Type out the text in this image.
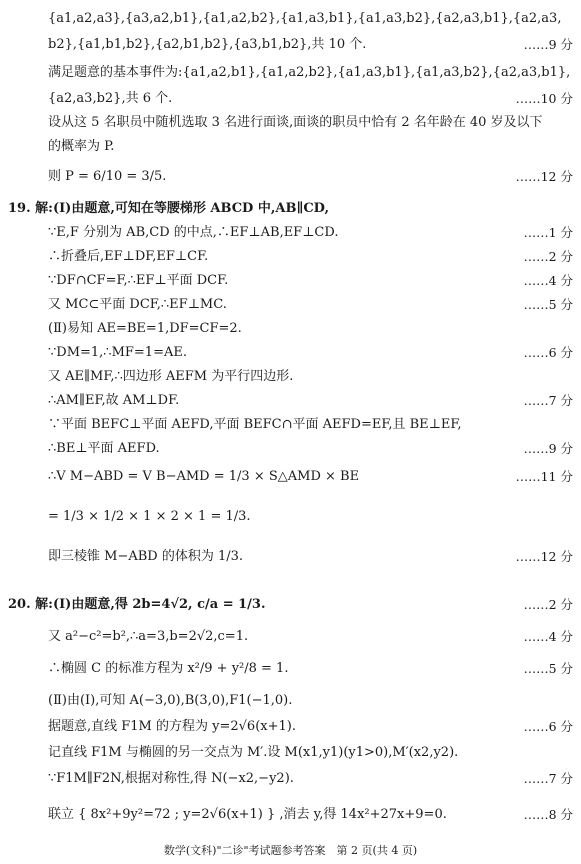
{a1,a2,a3},{a3,a2,b1},{a1,a2,b2},{a1,a3,b1},{a1,a3,b2},{a2,a3,b1},{a2,a3,
b2},{a1,b1,b2},{a2,b1,b2},{a3,b1,b2},共 10 个.	……9 分
满足题意的基本事件为:{a1,a2,b1},{a1,a2,b2},{a1,a3,b1},{a1,a3,b2},{a2,a3,b1},
{a2,a3,b2},共 6 个.	……10 分
设从这 5 名职员中随机选取 3 名进行面谈,面谈的职员中恰有 2 名年龄在 40 岁及以下
的概率为 P.
则 P = 6/10 = 3/5.	……12 分
19. 解:(Ⅰ)由题意,可知在等腰梯形 ABCD 中,AB∥CD,
∵E,F 分别为 AB,CD 的中点,∴EF⊥AB,EF⊥CD.	……1 分
∴折叠后,EF⊥DF,EF⊥CF.	……2 分
∵DF∩CF=F,∴EF⊥平面 DCF.	……4 分
又 MC⊂平面 DCF,∴EF⊥MC.	……5 分
(Ⅱ)易知 AE=BE=1,DF=CF=2.
∵DM=1,∴MF=1=AE.	……6 分
又 AE∥MF,∴四边形 AEFM 为平行四边形.
∴AM∥EF,故 AM⊥DF.	……7 分
∵平面 BEFC⊥平面 AEFD,平面 BEFC∩平面 AEFD=EF,且 BE⊥EF,
∴BE⊥平面 AEFD.	……9 分
∴V M−ABD = V B−AMD = 1/3 × S△AMD × BE	……11 分
= 1/3 × 1/2 × 1 × 2 × 1 = 1/3.
即三棱锥 M−ABD 的体积为 1/3.	……12 分
20. 解:(Ⅰ)由题意,得 2b=4√2, c/a = 1/3.	……2 分
又 a²−c²=b²,∴a=3,b=2√2,c=1.	……4 分
∴椭圆 C 的标准方程为 x²/9 + y²/8 = 1.	……5 分
(Ⅱ)由(Ⅰ),可知 A(−3,0),B(3,0),F1(−1,0).
据题意,直线 F1M 的方程为 y=2√6(x+1).	……6 分
记直线 F1M 与椭圆的另一交点为 M′.设 M(x1,y1)(y1>0),M′(x2,y2).
∵F1M∥F2N,根据对称性,得 N(−x2,−y2).	……7 分
联立 { 8x²+9y²=72 ; y=2√6(x+1) } ,消去 y,得 14x²+27x+9=0.	……8 分
数学(文科)"二诊"考试题参考答案　第 2 页(共 4 页)
